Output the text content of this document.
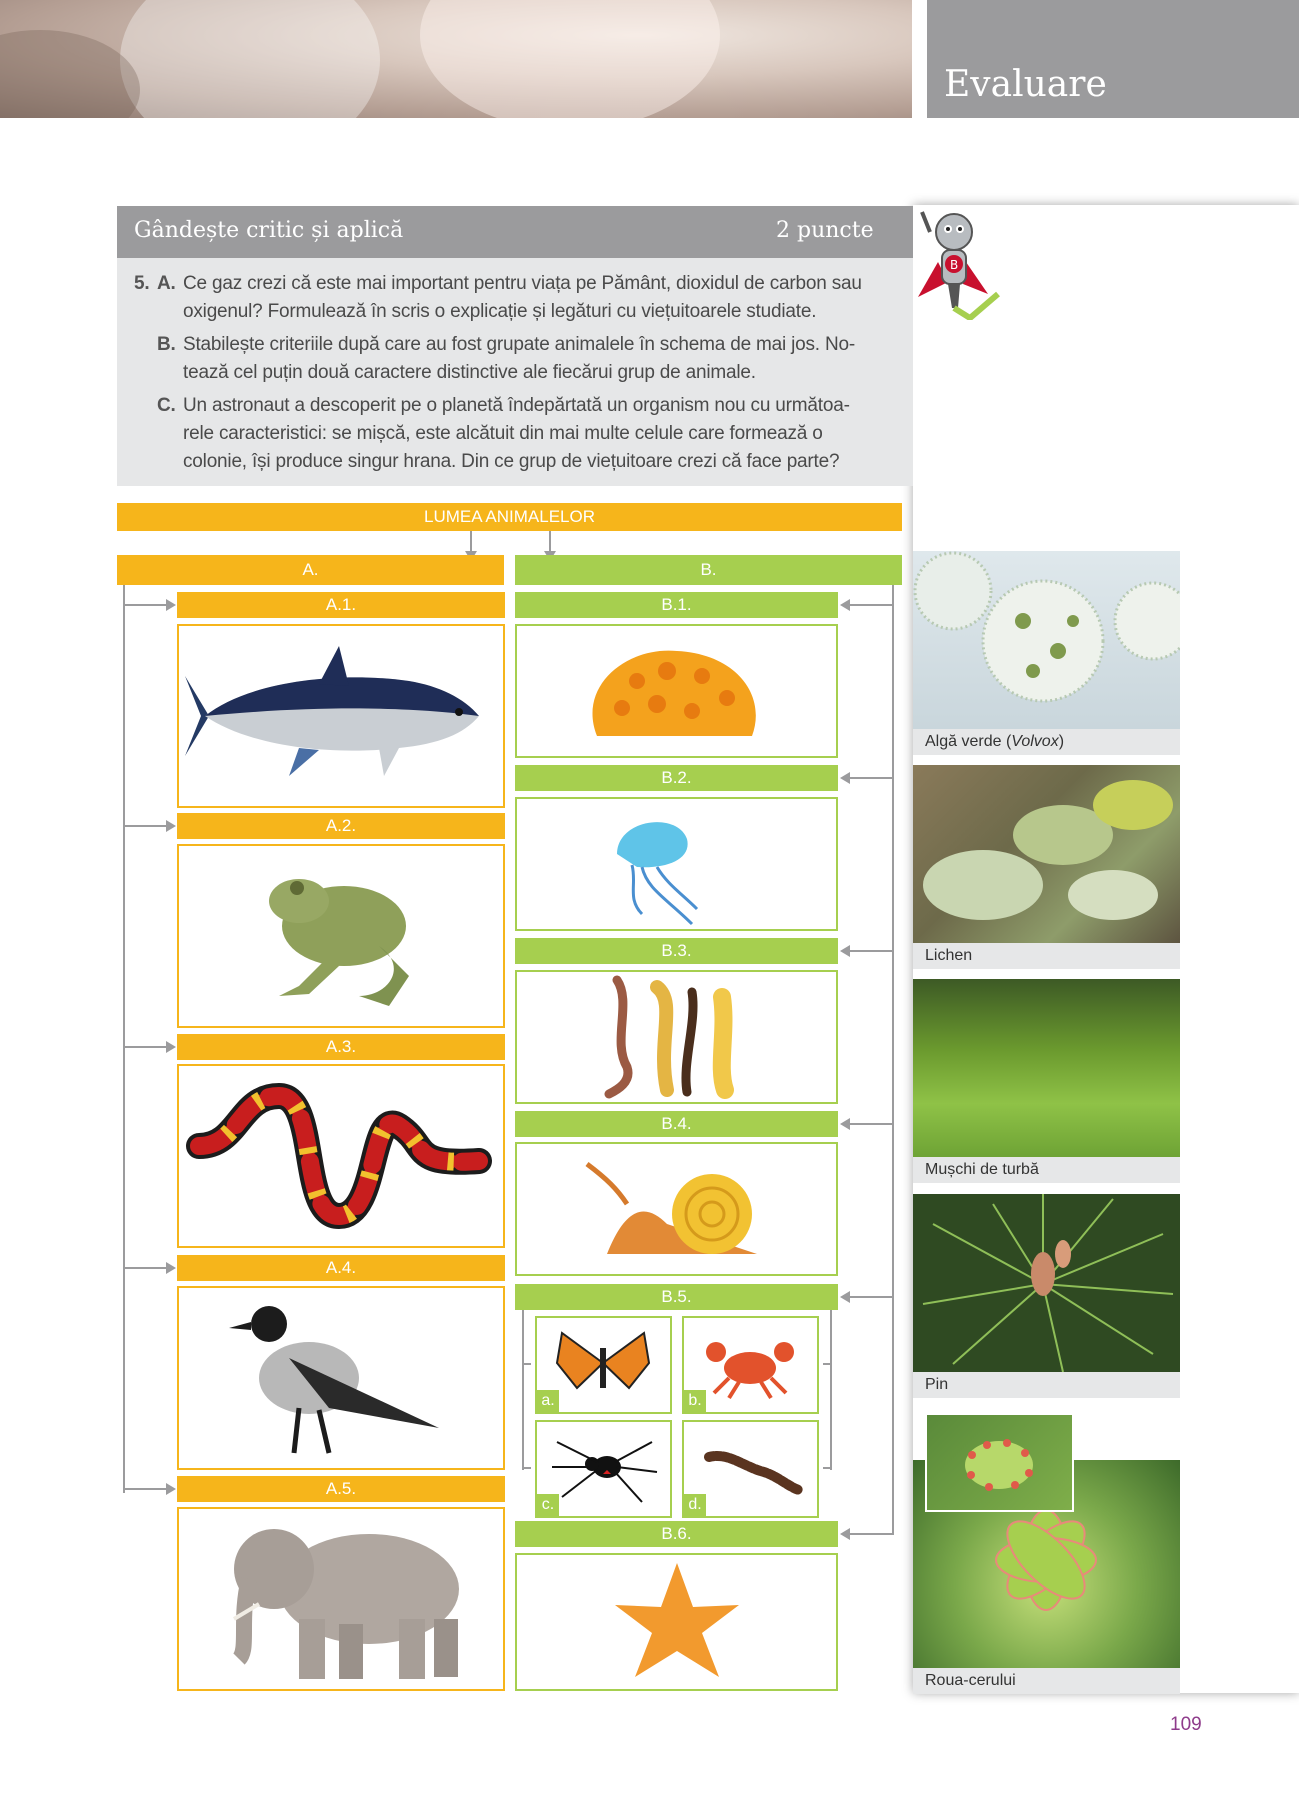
Evaluare
B
Gândește critic și aplică	2 puncte
5. A. Ce gaz crezi că este mai important pentru viața pe Pământ, dioxidul de carbon sau
oxigenul? Formulează în scris o explicație și legături cu viețuitoarele studiate.
B. Stabilește criteriile după care au fost grupate animalele în schema de mai jos. No-
tează cel puțin două caractere distinctive ale fiecărui grup de animale.
C. Un astronaut a descoperit pe o planetă îndepărtată un organism nou cu următoa-
rele caracteristici: se mișcă, este alcătuit din mai multe celule care formează o
colonie, își produce singur hrana. Din ce grup de viețuitoare crezi că face parte?
LUMEA ANIMALELOR
A.	B.
A.1.
A.2.
A.3.
A.4.
A.5.
B.1.
B.2.
B.3.
B.4.
B.5.
a.	b.
c.	d.
B.6.
Algă verde (Volvox)
Lichen
Mușchi de turbă
Pin
Roua-cerului
109
